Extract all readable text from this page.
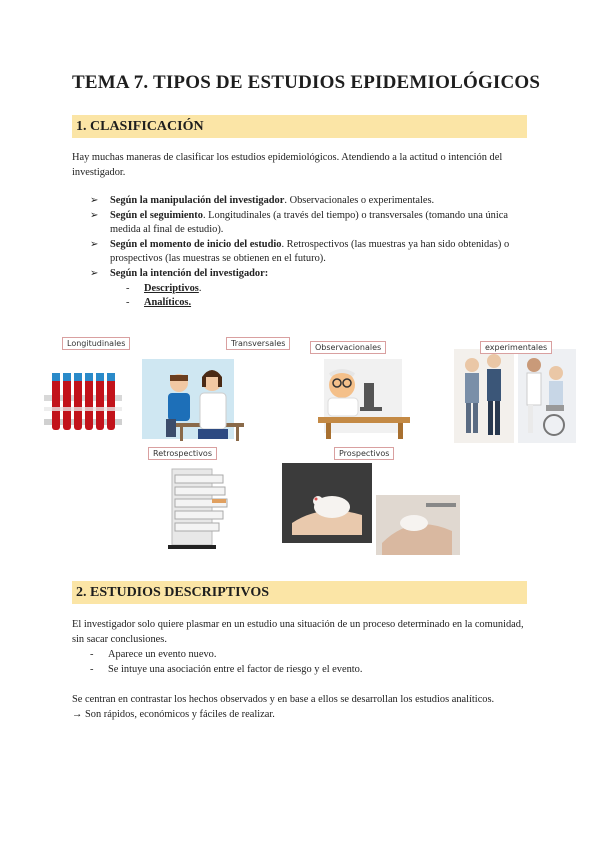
TEMA 7. TIPOS DE ESTUDIOS EPIDEMIOLÓGICOS
1. CLASIFICACIÓN

Hay muchas maneras de clasificar los estudios epidemiológicos. Atendiendo a la actitud o intención del investigador.

➢ Según la manipulación del investigador. Observacionales o experimentales.
➢ Según el seguimiento. Longitudinales (a través del tiempo) o transversales (tomando una única medida al final de estudio).
➢ Según el momento de inicio del estudio. Retrospectivos (las muestras ya han sido obtenidas) o prospectivos (las muestras se obtienen en el futuro).
➢ Según la intención del investigador:
- Descriptivos.
- Analíticos.
Longitudinales	Transversales	Observacionales	experimentales
Retrospectivos	Prospectivos
2. ESTUDIOS DESCRIPTIVOS

El investigador solo quiere plasmar en un estudio una situación de un proceso determinado en la comunidad, sin sacar conclusiones.

- Aparece un evento nuevo.
- Se intuye una asociación entre el factor de riesgo y el evento.

Se centran en contrastar los hechos observados y en base a ellos se desarrollan los estudios analíticos.

→ Son rápidos, económicos y fáciles de realizar.
